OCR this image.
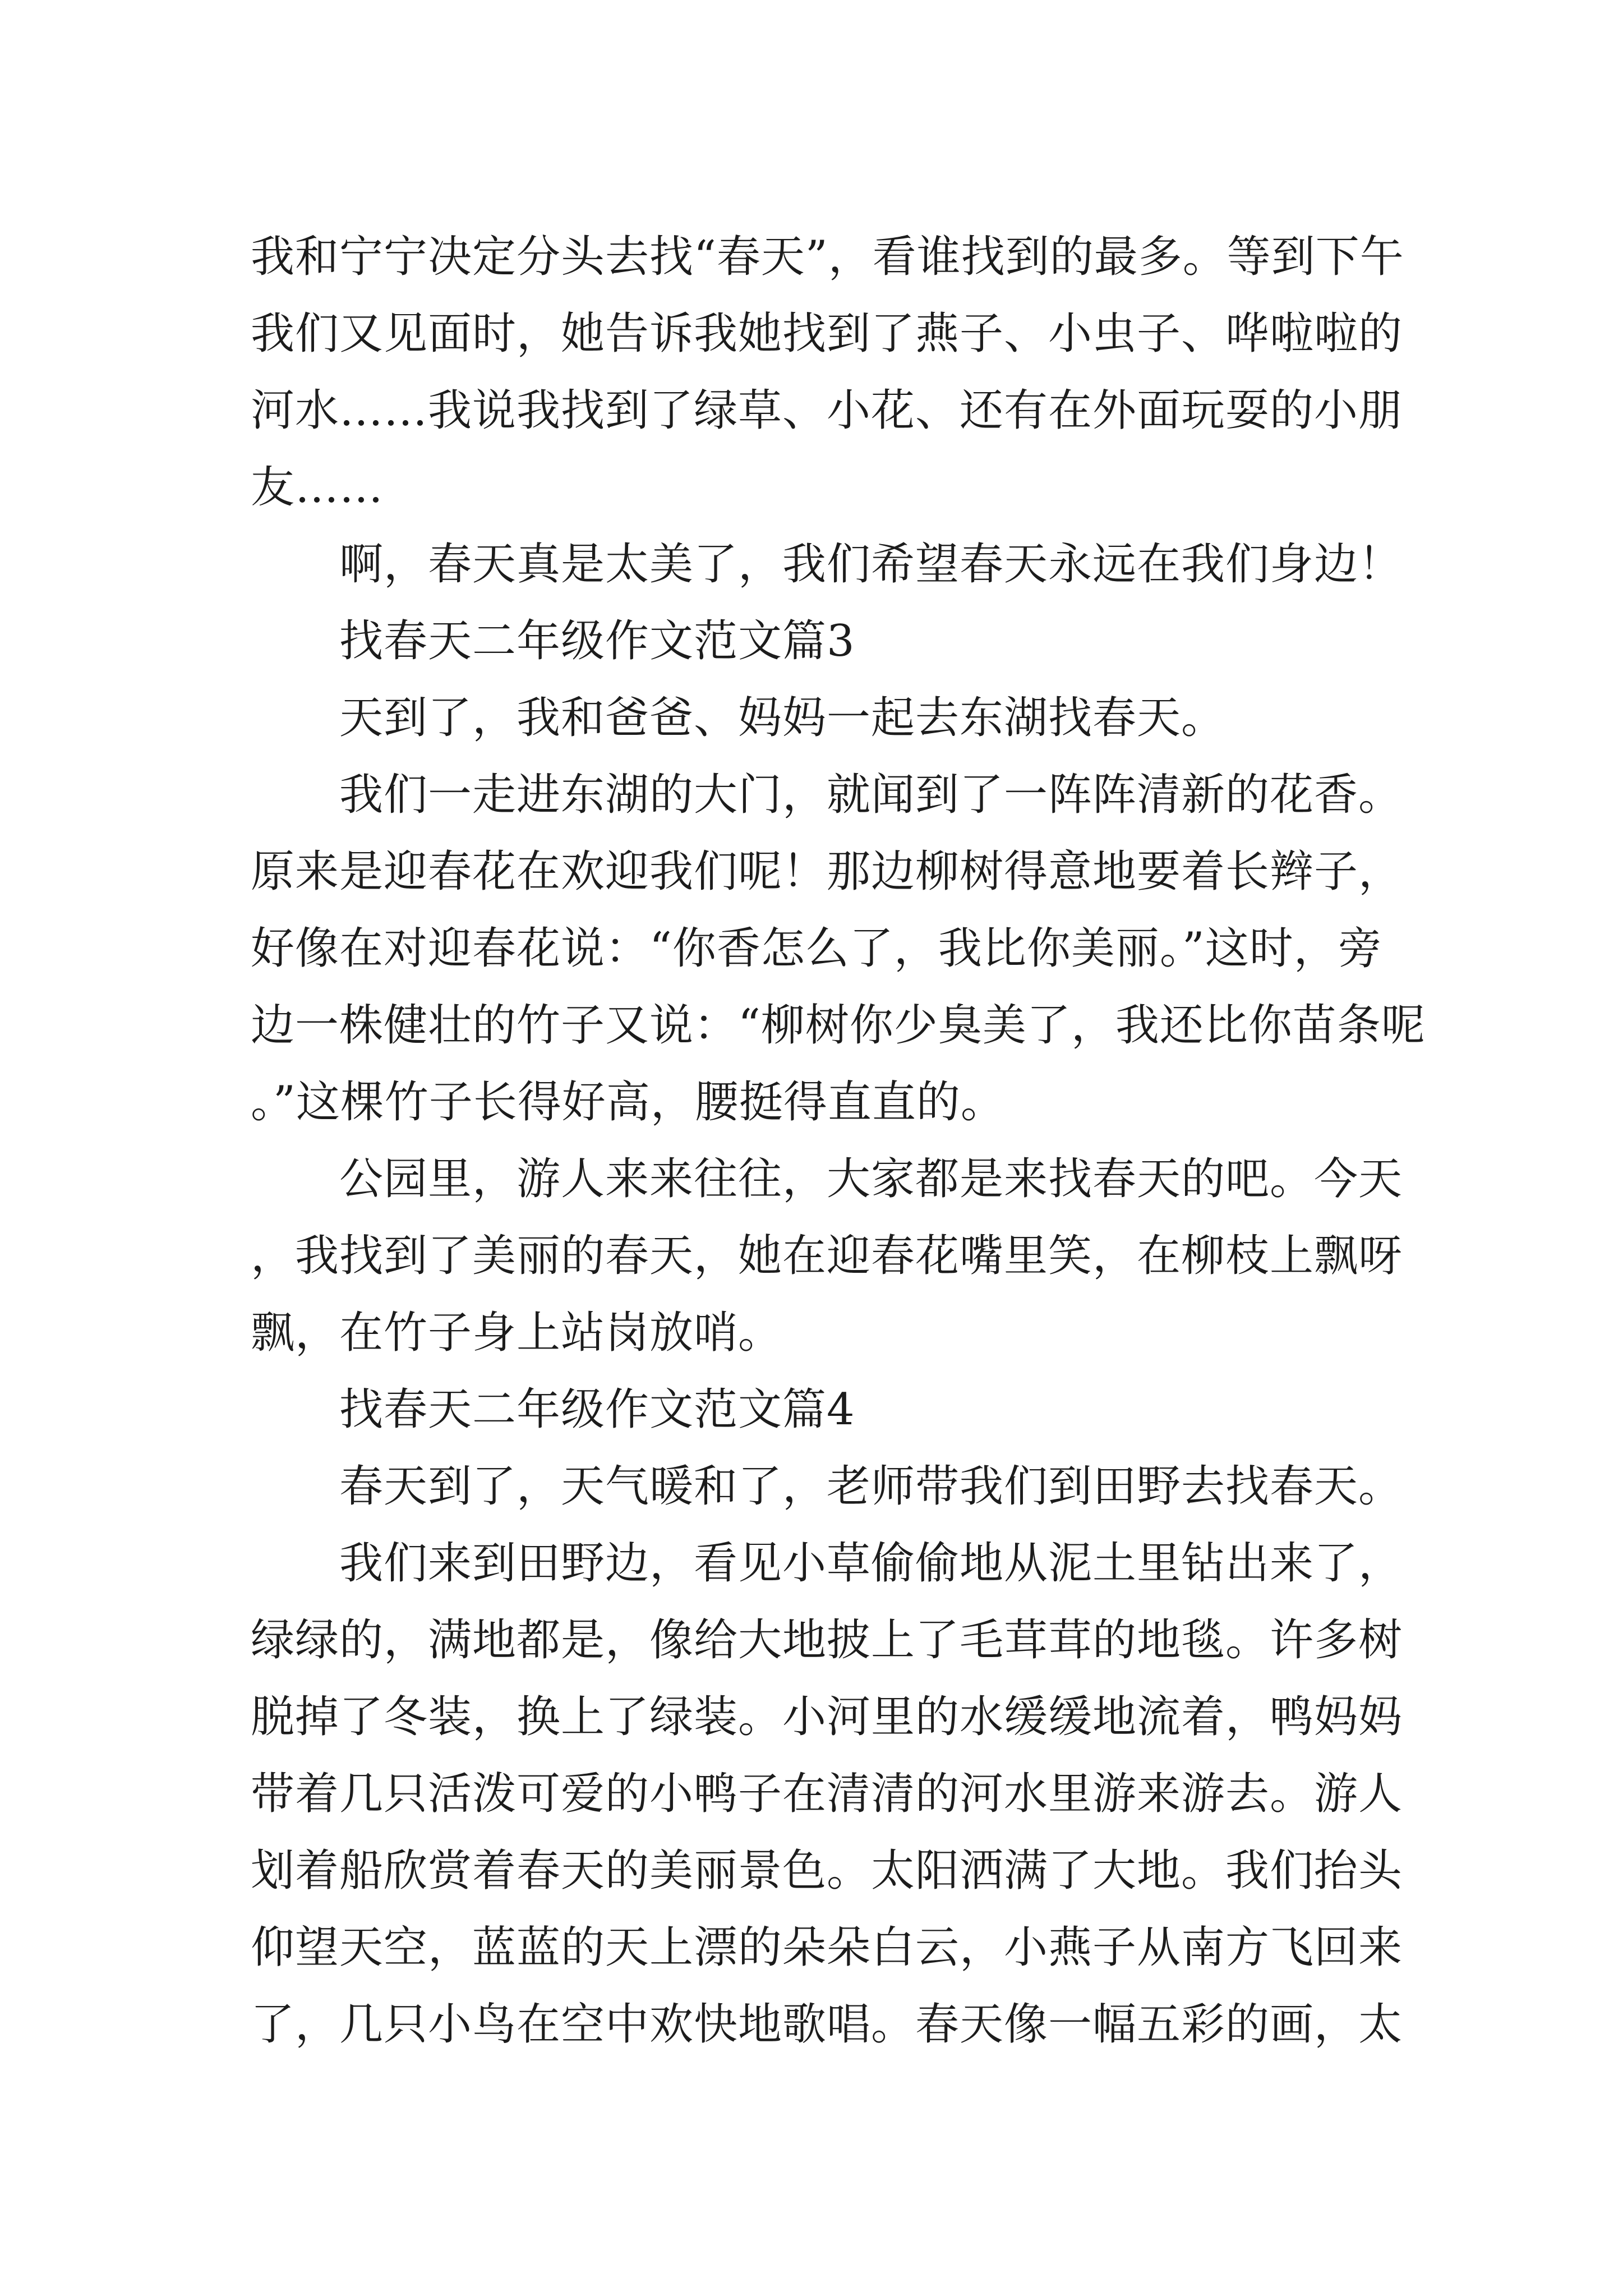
我和宁宁决定分头去找“春天”，看谁找到的最多。等到下午我们又见面时，她告诉我她找到了燕子、小虫子、哗啦啦的河水……我说我找到了绿草、小花、还有在外面玩耍的小朋友……

啊，春天真是太美了，我们希望春天永远在我们身边！

找春天二年级作文范文篇3

天到了，我和爸爸、妈妈一起去东湖找春天。

我们一走进东湖的大门，就闻到了一阵阵清新的花香。原来是迎春花在欢迎我们呢！那边柳树得意地要着长辫子，好像在对迎春花说：“你香怎么了，我比你美丽。”这时，旁边一株健壮的竹子又说：“柳树你少臭美了，我还比你苗条呢。”这棵竹子长得好高，腰挺得直直的。

公园里，游人来来往往，大家都是来找春天的吧。今天，我找到了美丽的春天，她在迎春花嘴里笑，在柳枝上飘呀飘，在竹子身上站岗放哨。

找春天二年级作文范文篇4

春天到了，天气暖和了，老师带我们到田野去找春天。

我们来到田野边，看见小草偷偷地从泥土里钻出来了，绿绿的，满地都是，像给大地披上了毛茸茸的地毯。许多树脱掉了冬装，换上了绿装。小河里的水缓缓地流着，鸭妈妈带着几只活泼可爱的小鸭子在清清的河水里游来游去。游人划着船欣赏着春天的美丽景色。太阳洒满了大地。我们抬头仰望天空，蓝蓝的天上漂的朵朵白云，小燕子从南方飞回来了，几只小鸟在空中欢快地歌唱。春天像一幅五彩的画，太
